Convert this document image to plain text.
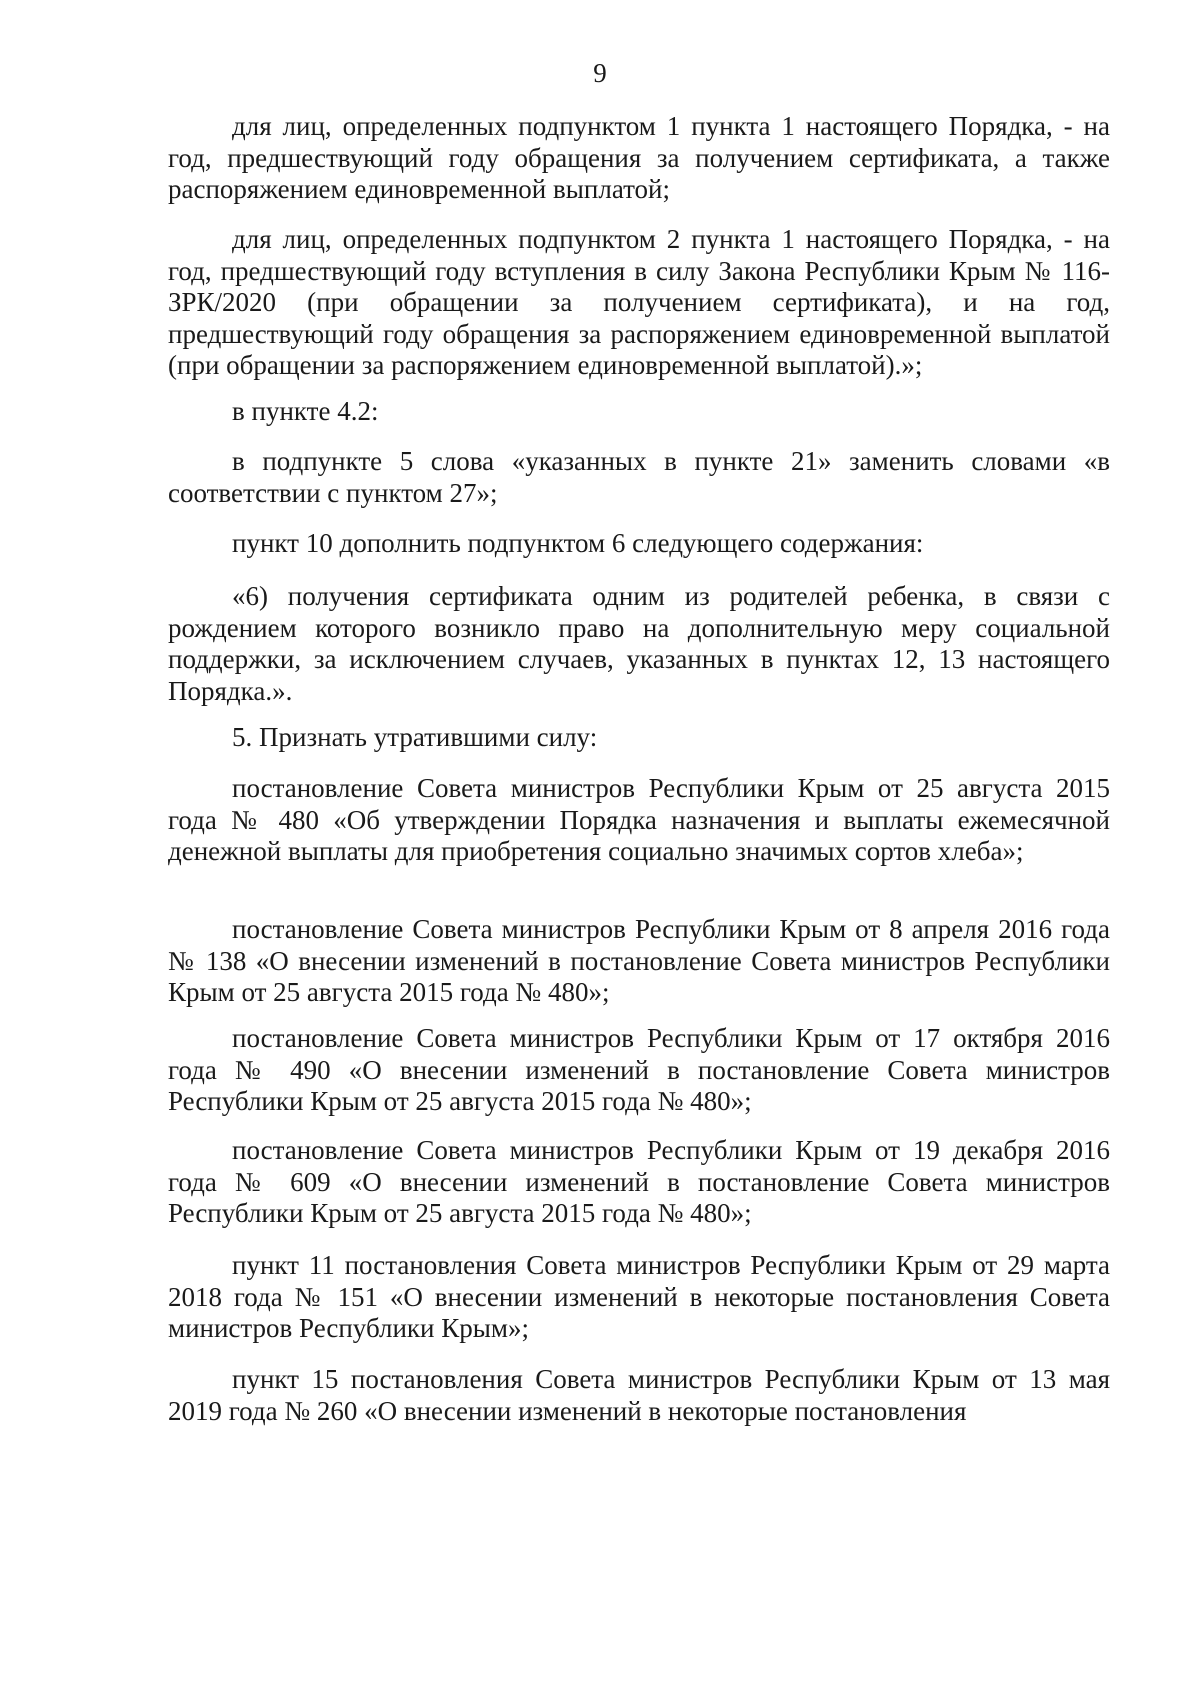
9

для лиц, определенных подпунктом 1 пункта 1 настоящего Порядка, - на год, предшествующий году обращения за получением сертификата, а также распоряжением единовременной выплатой;

для лиц, определенных подпунктом 2 пункта 1 настоящего Порядка, - на год, предшествующий году вступления в силу Закона Республики Крым № 116-ЗРК/2020 (при обращении за получением сертификата), и на год, предшествующий году обращения за распоряжением единовременной выплатой (при обращении за распоряжением единовременной выплатой).»;

в пункте 4.2:

в подпункте 5 слова «указанных в пункте 21» заменить словами «в соответствии с пунктом 27»;

пункт 10 дополнить подпунктом 6 следующего содержания:

«6) получения сертификата одним из родителей ребенка, в связи с рождением которого возникло право на дополнительную меру социальной поддержки, за исключением случаев, указанных в пунктах 12, 13 настоящего Порядка.».

5. Признать утратившими силу:

постановление Совета министров Республики Крым от 25 августа 2015 года № 480 «Об утверждении Порядка назначения и выплаты ежемесячной денежной выплаты для приобретения социально значимых сортов хлеба»;

постановление Совета министров Республики Крым от 8 апреля 2016 года № 138 «О внесении изменений в постановление Совета министров Республики Крым от 25 августа 2015 года № 480»;

постановление Совета министров Республики Крым от 17 октября 2016 года № 490 «О внесении изменений в постановление Совета министров Республики Крым от 25 августа 2015 года № 480»;

постановление Совета министров Республики Крым от 19 декабря 2016 года № 609 «О внесении изменений в постановление Совета министров Республики Крым от 25 августа 2015 года № 480»;

пункт 11 постановления Совета министров Республики Крым от 29 марта 2018 года № 151 «О внесении изменений в некоторые постановления Совета министров Республики Крым»;

пункт 15 постановления Совета министров Республики Крым от 13 мая 2019 года № 260 «О внесении изменений в некоторые постановления
